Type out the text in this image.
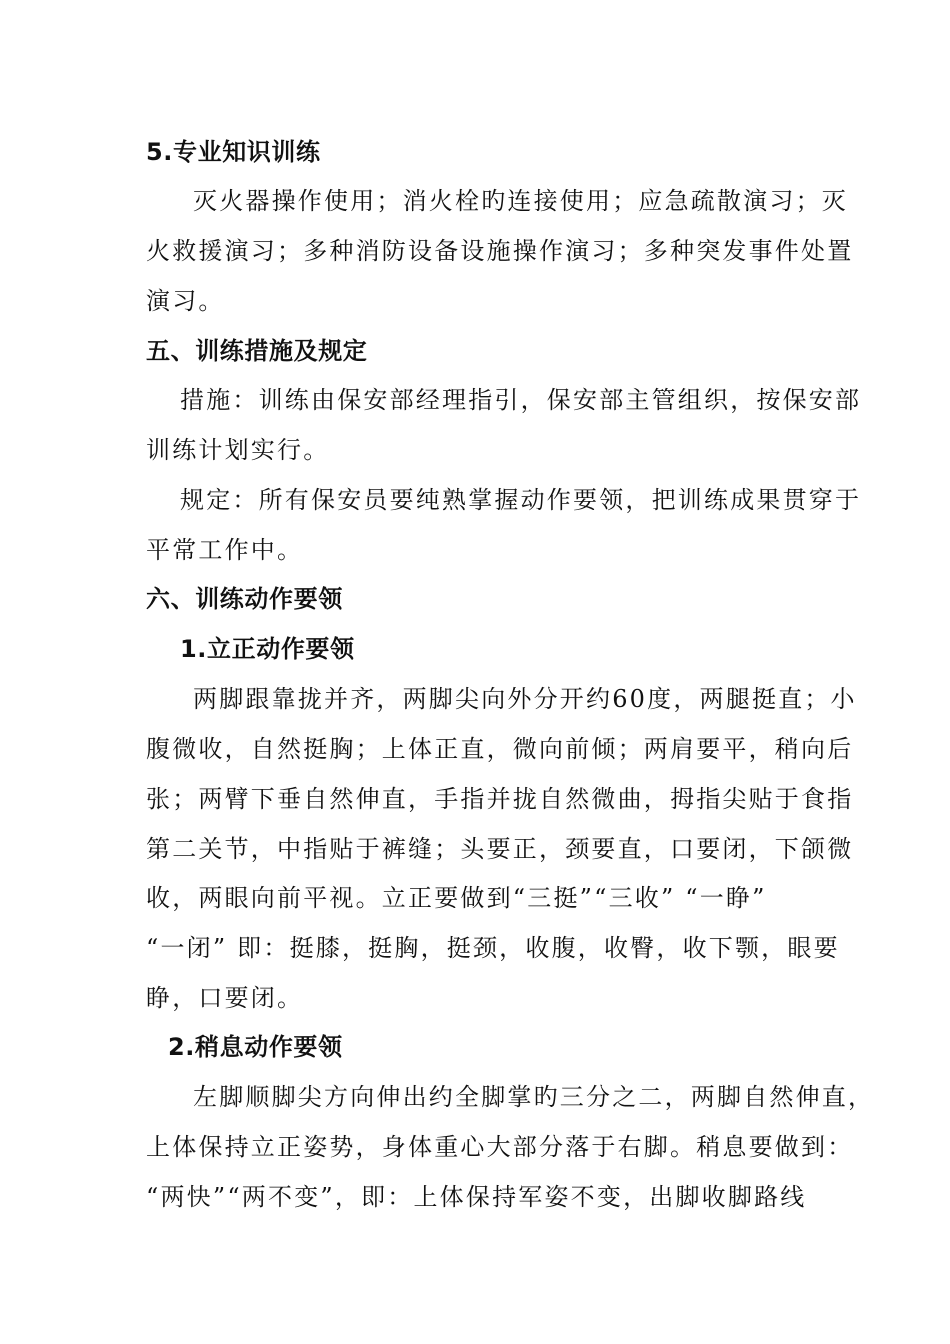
5.专业知识训练
灭火器操作使用；消火栓旳连接使用；应急疏散演习；灭
火救援演习；多种消防设备设施操作演习；多种突发事件处置
演习。
五、训练措施及规定
措施：训练由保安部经理指引，保安部主管组织，按保安部
训练计划实行。
规定：所有保安员要纯熟掌握动作要领，把训练成果贯穿于
平常工作中。
六、训练动作要领
1.立正动作要领
两脚跟靠拢并齐，两脚尖向外分开约60度，两腿挺直；小
腹微收，自然挺胸；上体正直，微向前倾；两肩要平，稍向后
张；两臂下垂自然伸直，手指并拢自然微曲，拇指尖贴于食指
第二关节，中指贴于裤缝；头要正，颈要直，口要闭，下颌微
收，两眼向前平视。立正要做到“三挺”“三收” “一睁”
“一闭” 即：挺膝，挺胸，挺颈，收腹，收臀，收下颚，眼要
睁，口要闭。
2.稍息动作要领
左脚顺脚尖方向伸出约全脚掌旳三分之二，两脚自然伸直，
上体保持立正姿势，身体重心大部分落于右脚。稍息要做到：
“两快”“两不变”，即：上体保持军姿不变，出脚收脚路线
